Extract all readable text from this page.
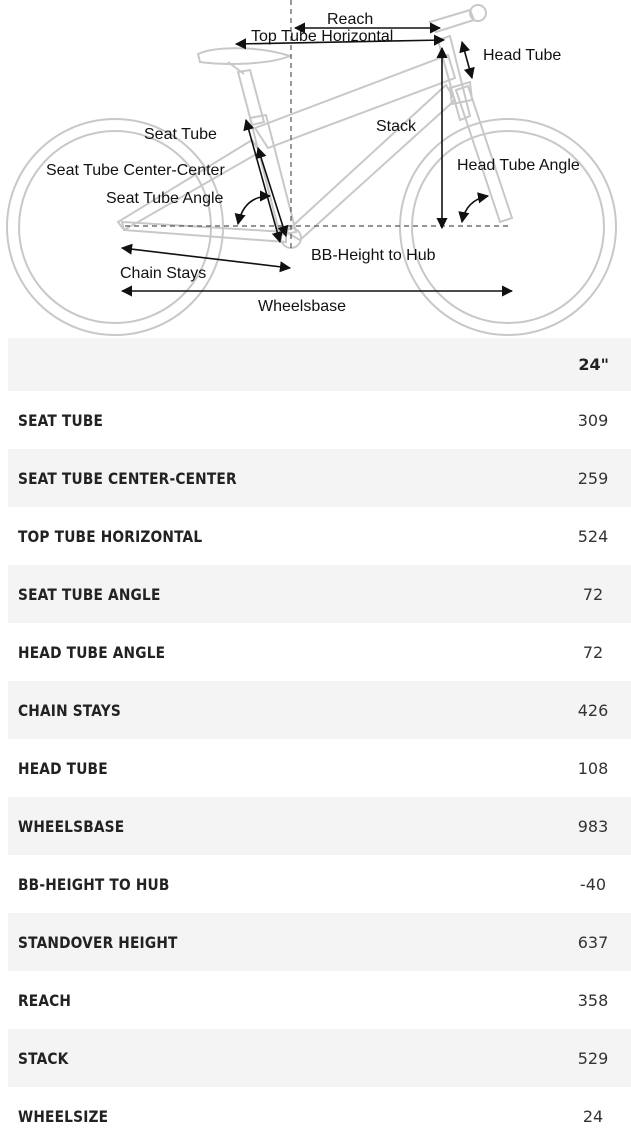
Reach
Top Tube Horizontal
Head Tube
Seat Tube	Stack
Seat Tube Center-Center	Head Tube Angle
Seat Tube Angle
BB-Height to Hub
Chain Stays
Wheelsbase
24"
SEAT TUBE	309
SEAT TUBE CENTER-CENTER	259
TOP TUBE HORIZONTAL	524
SEAT TUBE ANGLE	72
HEAD TUBE ANGLE	72
CHAIN STAYS	426
HEAD TUBE	108
WHEELSBASE	983
BB-HEIGHT TO HUB	-40
STANDOVER HEIGHT	637
REACH	358
STACK	529
WHEELSIZE	24
